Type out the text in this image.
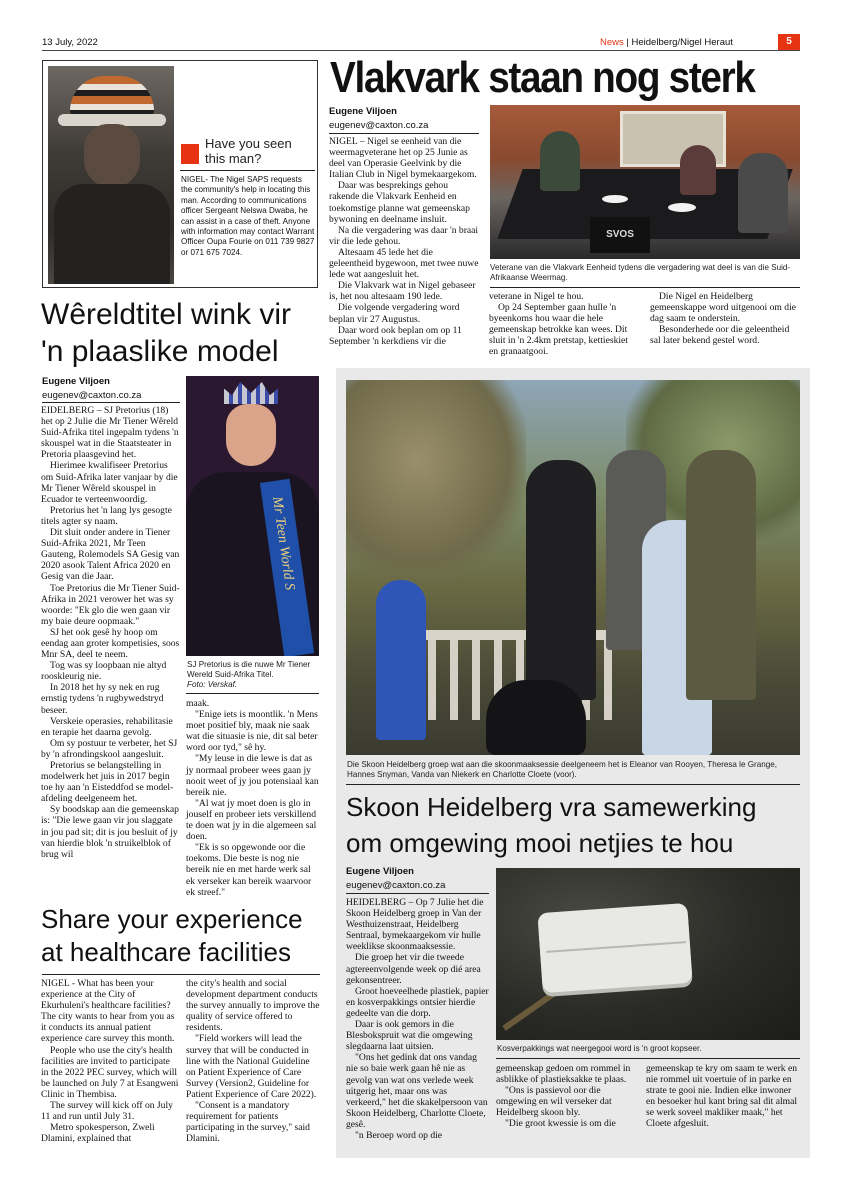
13 July, 2022	News | Heidelberg/Nigel Heraut	5
Have you seen this man?
NIGEL- The Nigel SAPS requests the community's help in locating this man. According to communications officer Sergeant Nelswa Dwaba, he can assist in a case of theft. Anyone with information may contact Warrant Officer Oupa Fourie on 011 739 9827 or 071 675 7024.
Vlakvark staan nog sterk
Eugene Viljoen
eugenev@caxton.co.za

NIGEL – Nigel se eenheid van die weermagveterane het op 25 Junie as deel van Operasie Geelvink by die Italian Club in Nigel bymekaargekom.

Daar was besprekings gehou rakende die Vlakvark Eenheid en toekomstige planne wat gemeenskap bywoning en deelname insluit.

Na die vergadering was daar 'n braai vir die lede gehou.

Altesaam 45 lede het die geleentheid bygewoon, met twee nuwe lede wat aangesluit het.

Die Vlakvark wat in Nigel gebaseer is, het nou altesaam 190 lede.

Die volgende vergadering word beplan vir 27 Augustus.

Daar word ook beplan om op 11 September 'n kerkdiens vir die

SVOS
Veterane van die Vlakvark Eenheid tydens die vergadering wat deel is van die Suid-Afrikaanse Weermag.

veterane in Nigel te hou.

Op 24 September gaan hulle 'n byeenkoms hou waar die hele gemeenskap betrokke kan wees. Dit sluit in 'n 2.4km pretstap, kettieskiet en granaatgooi.

Die Nigel en Heidelberg gemeenskappe word uitgenooi om die dag saam te onderstein.

Besonderhede oor die geleentheid sal later bekend gestel word.

Wêreldtitel wink vir
'n plaaslike model
Eugene Viljoen
eugenev@caxton.co.za

EIDELBERG – SJ Pretorius (18) het op 2 Julie die Mr Tiener Wêreld Suid-Afrika titel ingepalm tydens 'n skouspel wat in die Staatsteater in Pretoria plaasgevind het.

Hierimee kwalifiseer Pretorius om Suid-Afrika later vanjaar by die Mr Tiener Wêreld skouspel in Ecuador te verteenwoordig.

Pretorius het 'n lang lys gesogte titels agter sy naam.

Dit sluit onder andere in Tiener Suid-Afrika 2021, Mr Teen Gauteng, Rolemodels SA Gesig van 2020 asook Talent Africa 2020 en Gesig van die Jaar.

Toe Pretorius die Mr Tiener Suid-Afrika in 2021 verower het was sy woorde: "Ek glo die wen gaan vir my baie deure oopmaak."

SJ het ook gesê hy hoop om eendag aan groter kompetisies, soos Mnr SA, deel te neem.

Tog was sy loopbaan nie altyd rooskleurig nie.

In 2018 het hy sy nek en rug ernstig tydens 'n rugbywedstryd beseer.

Verskeie operasies, rehabilitasie en terapie het daarna gevolg.

Om sy postuur te verbeter, het SJ by 'n afrondingskool aangesluit.

Pretorius se belangstelling in modelwerk het juis in 2017 begin toe hy aan 'n Eisteddfod se model-afdeling deelgeneem het.

Sy boodskap aan die gemeenskap is: "Die lewe gaan vir jou slaggate in jou pad sit; dit is jou besluit of jy van hierdie blok 'n struikelblok of brug wil

Mr Teen World S
SJ Pretorius is die nuwe Mr Tiener Wereld Suid-Afrika Titel.
Foto: Verskaf.

maak.

"Enige iets is moontlik. 'n Mens moet positief bly, maak nie saak wat die situasie is nie, dit sal beter word oor tyd," sê hy.

"My leuse in die lewe is dat as jy normaal probeer wees gaan jy nooit weet of jy jou potensiaal kan bereik nie.

"Al wat jy moet doen is glo in jouself en probeer iets verskillend te doen wat jy in die algemeen sal doen.

"Ek is so opgewonde oor die toekoms. Die beste is nog nie bereik nie en met harde werk sal ek verseker kan bereik waarvoor ek streef."

Share your experience
at healthcare facilities

NIGEL - What has been your experience at the City of Ekurhuleni's healthcare facilities? The city wants to hear from you as it conducts its annual patient experience care survey this month.

People who use the city's health facilities are invited to participate in the 2022 PEC survey, which will be launched on July 7 at Esangweni Clinic in Thembisa.

The survey will kick off on July 11 and run until July 31.

Metro spokesperson, Zweli Dlamini, explained that

the city's health and social development department conducts the survey annually to improve the quality of service offered to residents.

"Field workers will lead the survey that will be conducted in line with the National Guideline on Patient Experience of Care Survey (Version2, Guideline for Patient Experience of Care 2022).

"Consent is a mandatory requirement for patients participating in the survey," said Dlamini.

Die Skoon Heidelberg groep wat aan die skoonmaaksessie deelgeneem het is Eleanor van Rooyen, Theresa le Grange, Hannes Snyman, Vanda van Niekerk en Charlotte Cloete (voor).
Skoon Heidelberg vra samewerking
om omgewing mooi netjies te hou
Eugene Viljoen
eugenev@caxton.co.za

HEIDELBERG – Op 7 Julie het die Skoon Heidelberg groep in Van der Westhuizenstraat, Heidelberg Sentraal, bymekaargekom vir hulle weeklikse skoonmaaksessie.

Die groep het vir die tweede agtereenvolgende week op dié area gekonsentreer.

Groot hoeveelhede plastiek, papier en kosverpakkings ontsier hierdie gedeelte van die dorp.

Daar is ook gemors in die Blesbokspruit wat die omgewing slegdaarna laat uitsien.

"Ons het gedink dat ons vandag nie so baie werk gaan hê nie as gevolg van wat ons verlede week uitgerig het, maar ons was verkeerd," het die skakelpersoon van Skoon Heidelberg, Charlotte Cloete, gesê.

"n Beroep word op die

Kosverpakkings wat neergegooi word is 'n groot kopseer.

gemeenskap gedoen om rommel in asblikke of plastieksakke te plaas.

"Ons is passievol oor die omgewing en wil verseker dat Heidelberg skoon bly.

"Die groot kwessie is om die

gemeenskap te kry om saam te werk en nie rommel uit voertuie of in parke en strate te gooi nie. Indien elke inwoner en besoeker hul kant bring sal dit almal se werk soveel makliker maak," het Cloete afgesluit.
